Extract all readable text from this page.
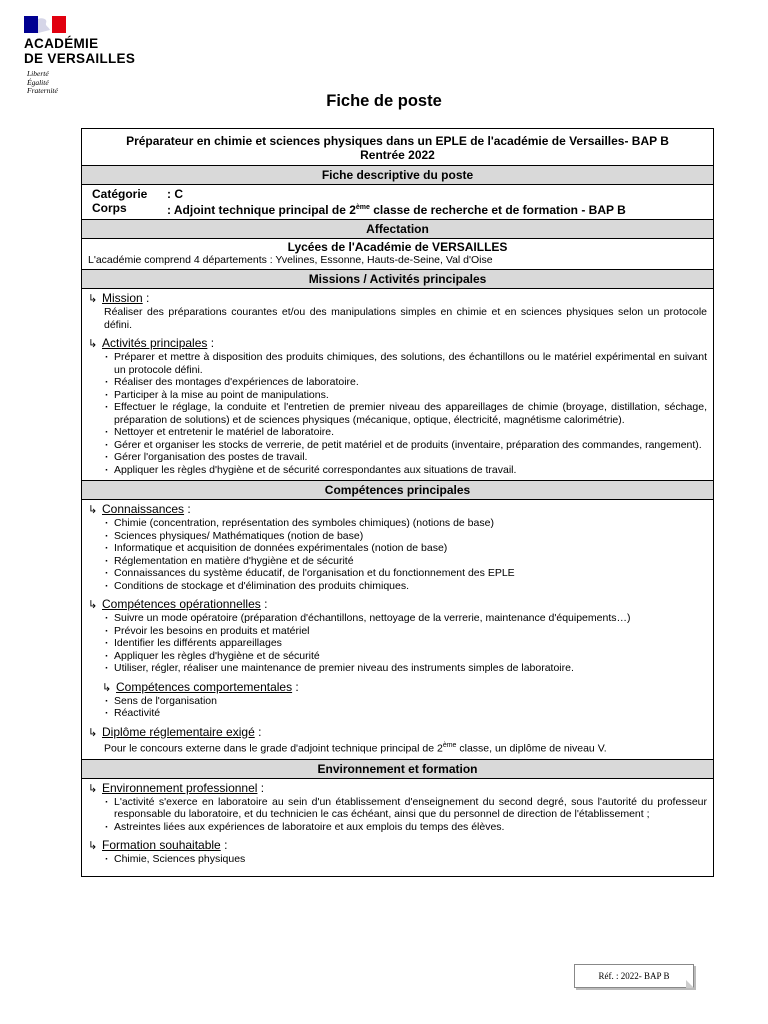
ACADÉMIE
DE VERSAILLES
Liberté
Égalité
Fraternité
Fiche de poste
Préparateur en chimie et sciences physiques dans un EPLE de l'académie de Versailles- BAP B
Rentrée 2022
Fiche descriptive du poste
Catégorie	: C
Corps	: Adjoint technique principal de 2ème classe de recherche et de formation - BAP B
Affectation
Lycées de l'Académie de VERSAILLES
L'académie comprend 4 départements : Yvelines, Essonne, Hauts-de-Seine, Val d'Oise
Missions / Activités principales
↳ Mission :
Réaliser des préparations courantes et/ou des manipulations simples en chimie et en sciences physiques selon un protocole défini.
↳ Activités principales :
· Préparer et mettre à disposition des produits chimiques, des solutions, des échantillons ou le matériel expérimental en suivant un protocole défini.
· Réaliser des montages d'expériences de laboratoire.
· Participer à la mise au point de manipulations.
· Effectuer le réglage, la conduite et l'entretien de premier niveau des appareillages de chimie (broyage, distillation, séchage, préparation de solutions) et de sciences physiques (mécanique, optique, électricité, magnétisme calorimétrie).
· Nettoyer et entretenir le matériel de laboratoire.
· Gérer et organiser les stocks de verrerie, de petit matériel et de produits (inventaire, préparation des commandes, rangement).
· Gérer l'organisation des postes de travail.
· Appliquer les règles d'hygiène et de sécurité correspondantes aux situations de travail.
Compétences principales
↳ Connaissances :
· Chimie (concentration, représentation des symboles chimiques) (notions de base)
· Sciences physiques/ Mathématiques (notion de base)
· Informatique et acquisition de données expérimentales (notion de base)
· Réglementation en matière d'hygiène et de sécurité
· Connaissances du système éducatif, de l'organisation et du fonctionnement des EPLE
· Conditions de stockage et d'élimination des produits chimiques.
↳ Compétences opérationnelles :
· Suivre un mode opératoire (préparation d'échantillons, nettoyage de la verrerie, maintenance d'équipements…)
· Prévoir les besoins en produits et matériel
· Identifier les différents appareillages
· Appliquer les règles d'hygiène et de sécurité
· Utiliser, régler, réaliser une maintenance de premier niveau des instruments simples de laboratoire.
↳ Compétences comportementales :
· Sens de l'organisation
· Réactivité
↳ Diplôme réglementaire exigé :
Pour le concours externe dans le grade d'adjoint technique principal de 2ème classe, un diplôme de niveau V.
Environnement et formation
↳ Environnement professionnel :
· L'activité s'exerce en laboratoire au sein d'un établissement d'enseignement du second degré, sous l'autorité du professeur responsable du laboratoire, et du technicien le cas échéant, ainsi que du personnel de direction de l'établissement ;
· Astreintes liées aux expériences de laboratoire et aux emplois du temps des élèves.
↳ Formation souhaitable :
· Chimie, Sciences physiques
Réf. : 2022- BAP B
